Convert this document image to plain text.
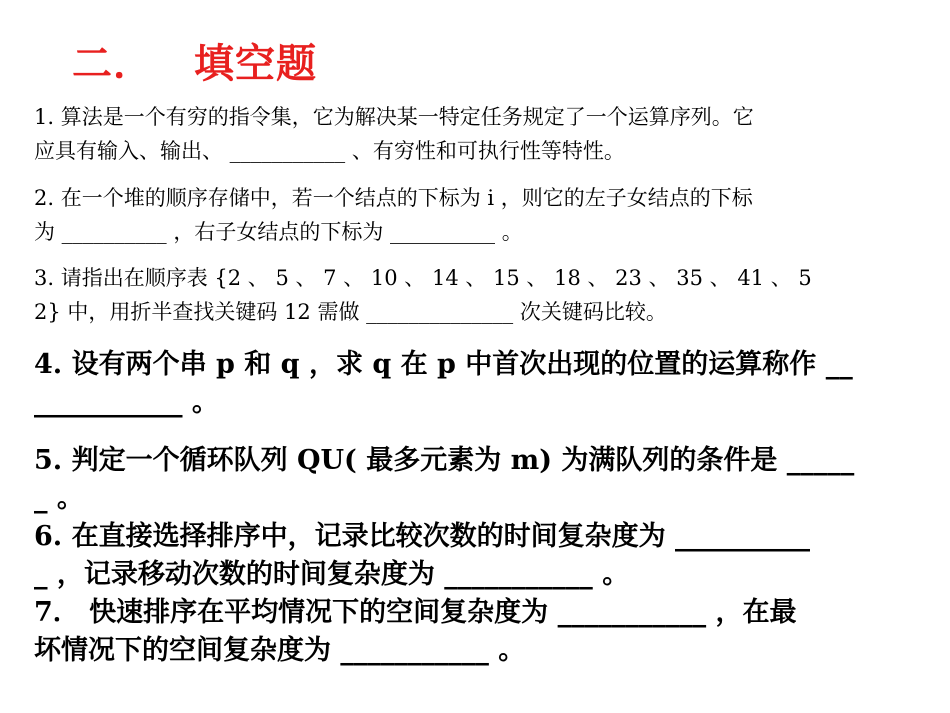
二． 填空题
1. 算法是一个有穷的指令集，它为解决某一特定任务规定了一个运算序列。它
应具有输入、输出、 ___________ 、有穷性和可执行性等特性。
2. 在一个堆的顺序存储中，若一个结点的下标为 i ，则它的左子女结点的下标
为 __________ ，右子女结点的下标为 __________ 。
3. 请指出在顺序表 {2 、 5 、 7 、 10 、 14 、 15 、 18 、 23 、 35 、 41 、 5
2} 中，用折半查找关键码 12 需做 ______________ 次关键码比较。
4. 设有两个串 p 和 q ，求 q 在 p 中首次出现的位置的运算称作 __
___________ 。
5. 判定一个循环队列 QU( 最多元素为 m) 为满队列的条件是 _____
_ 。
6. 在直接选择排序中，记录比较次数的时间复杂度为 __________
_ ，记录移动次数的时间复杂度为 ___________ 。
7． 快速排序在平均情况下的空间复杂度为 ___________ ，在最
坏情况下的空间复杂度为 ___________ 。
